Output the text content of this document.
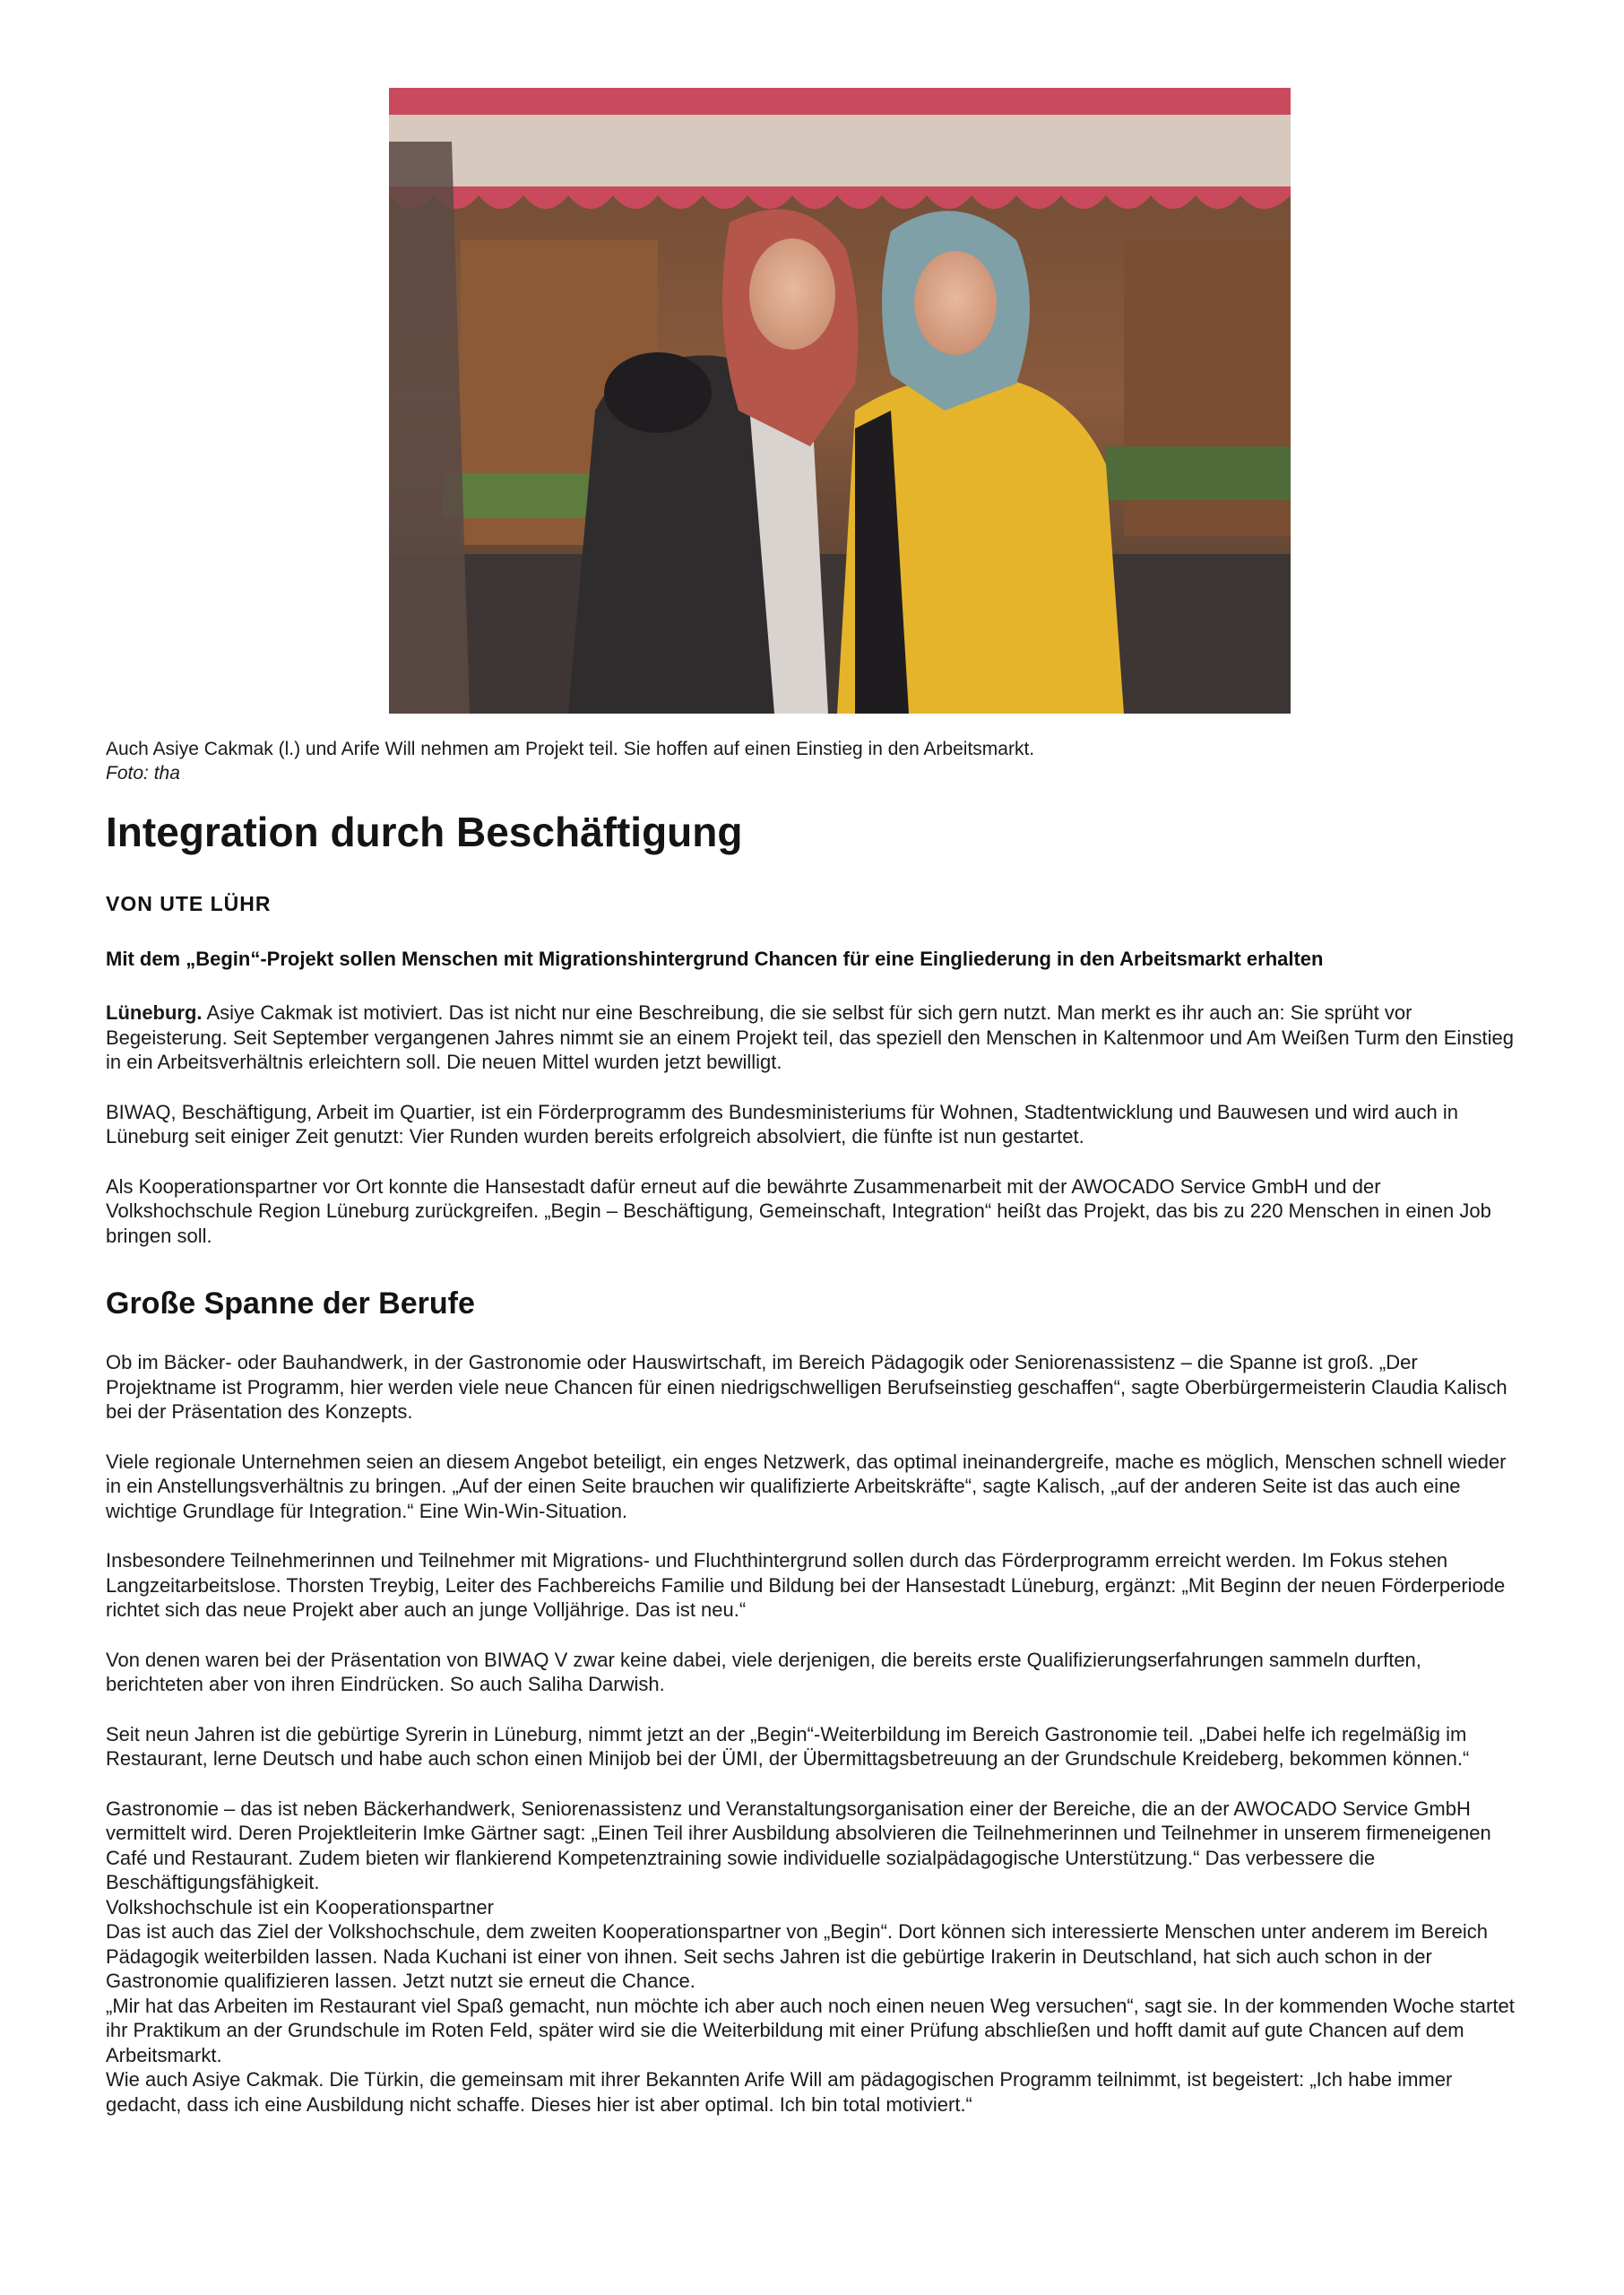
Auch Asiye Cakmak (l.) und Arife Will nehmen am Projekt teil. Sie hoffen auf einen Einstieg in den Arbeitsmarkt.
Foto: tha
Integration durch Beschäftigung
VON UTE LÜHR
Mit dem „Begin“-Projekt sollen Menschen mit Migrationshintergrund Chancen für eine Eingliederung in den Arbeitsmarkt erhalten

Lüneburg. Asiye Cakmak ist motiviert. Das ist nicht nur eine Beschreibung, die sie selbst für sich gern nutzt. Man merkt es ihr auch an: Sie sprüht vor Begeisterung. Seit September vergangenen Jahres nimmt sie an einem Projekt teil, das speziell den Menschen in Kaltenmoor und Am Weißen Turm den Einstieg in ein Arbeitsverhältnis erleichtern soll. Die neuen Mittel wurden jetzt bewilligt.

BIWAQ, Beschäftigung, Arbeit im Quartier, ist ein Förderprogramm des Bundesministeriums für Wohnen, Stadtentwicklung und Bauwesen und wird auch in Lüneburg seit einiger Zeit genutzt: Vier Runden wurden bereits erfolgreich absolviert, die fünfte ist nun gestartet.

Als Kooperationspartner vor Ort konnte die Hansestadt dafür erneut auf die bewährte Zusammenarbeit mit der AWOCADO Service GmbH und der Volkshochschule Region Lüneburg zurückgreifen. „Begin – Beschäftigung, Gemeinschaft, Integration“ heißt das Projekt, das bis zu 220 Menschen in einen Job bringen soll.

Große Spanne der Berufe

Ob im Bäcker- oder Bauhandwerk, in der Gastronomie oder Hauswirtschaft, im Bereich Pädagogik oder Seniorenassistenz – die Spanne ist groß. „Der Projektname ist Programm, hier werden viele neue Chancen für einen niedrigschwelligen Berufseinstieg geschaffen“, sagte Oberbürgermeisterin Claudia Kalisch bei der Präsentation des Konzepts.

Viele regionale Unternehmen seien an diesem Angebot beteiligt, ein enges Netzwerk, das optimal ineinandergreife, mache es möglich, Menschen schnell wieder in ein Anstellungsverhältnis zu bringen. „Auf der einen Seite brauchen wir qualifizierte Arbeitskräfte“, sagte Kalisch, „auf der anderen Seite ist das auch eine wichtige Grundlage für Integration.“ Eine Win-Win-Situation.

Insbesondere Teilnehmerinnen und Teilnehmer mit Migrations- und Fluchthintergrund sollen durch das Förderprogramm erreicht werden. Im Fokus stehen Langzeitarbeitslose. Thorsten Treybig, Leiter des Fachbereichs Familie und Bildung bei der Hansestadt Lüneburg, ergänzt: „Mit Beginn der neuen Förderperiode richtet sich das neue Projekt aber auch an junge Volljährige. Das ist neu.“

Von denen waren bei der Präsentation von BIWAQ V zwar keine dabei, viele derjenigen, die bereits erste Qualifizierungserfahrungen sammeln durften, berichteten aber von ihren Eindrücken. So auch Saliha Darwish.

Seit neun Jahren ist die gebürtige Syrerin in Lüneburg, nimmt jetzt an der „Begin“-Weiterbildung im Bereich Gastronomie teil. „Dabei helfe ich regelmäßig im Restaurant, lerne Deutsch und habe auch schon einen Minijob bei der ÜMI, der Übermittagsbetreuung an der Grundschule Kreideberg, bekommen können.“

Gastronomie – das ist neben Bäckerhandwerk, Seniorenassistenz und Veranstaltungsorganisation einer der Bereiche, die an der AWOCADO Service GmbH vermittelt wird. Deren Projektleiterin Imke Gärtner sagt: „Einen Teil ihrer Ausbildung absolvieren die Teilnehmerinnen und Teilnehmer in unserem firmeneigenen Café und Restaurant. Zudem bieten wir flankierend Kompetenztraining sowie individuelle sozialpädagogische Unterstützung.“ Das verbessere die Beschäftigungsfähigkeit.

Volkshochschule ist ein Kooperationspartner

Das ist auch das Ziel der Volkshochschule, dem zweiten Kooperationspartner von „Begin“. Dort können sich interessierte Menschen unter anderem im Bereich Pädagogik weiterbilden lassen. Nada Kuchani ist einer von ihnen. Seit sechs Jahren ist die gebürtige Irakerin in Deutschland, hat sich auch schon in der Gastronomie qualifizieren lassen. Jetzt nutzt sie erneut die Chance.

„Mir hat das Arbeiten im Restaurant viel Spaß gemacht, nun möchte ich aber auch noch einen neuen Weg versuchen“, sagt sie. In der kommenden Woche startet ihr Praktikum an der Grundschule im Roten Feld, später wird sie die Weiterbildung mit einer Prüfung abschließen und hofft damit auf gute Chancen auf dem Arbeitsmarkt.

Wie auch Asiye Cakmak. Die Türkin, die gemeinsam mit ihrer Bekannten Arife Will am pädagogischen Programm teilnimmt, ist begeistert: „Ich habe immer gedacht, dass ich eine Ausbildung nicht schaffe. Dieses hier ist aber optimal. Ich bin total motiviert.“
